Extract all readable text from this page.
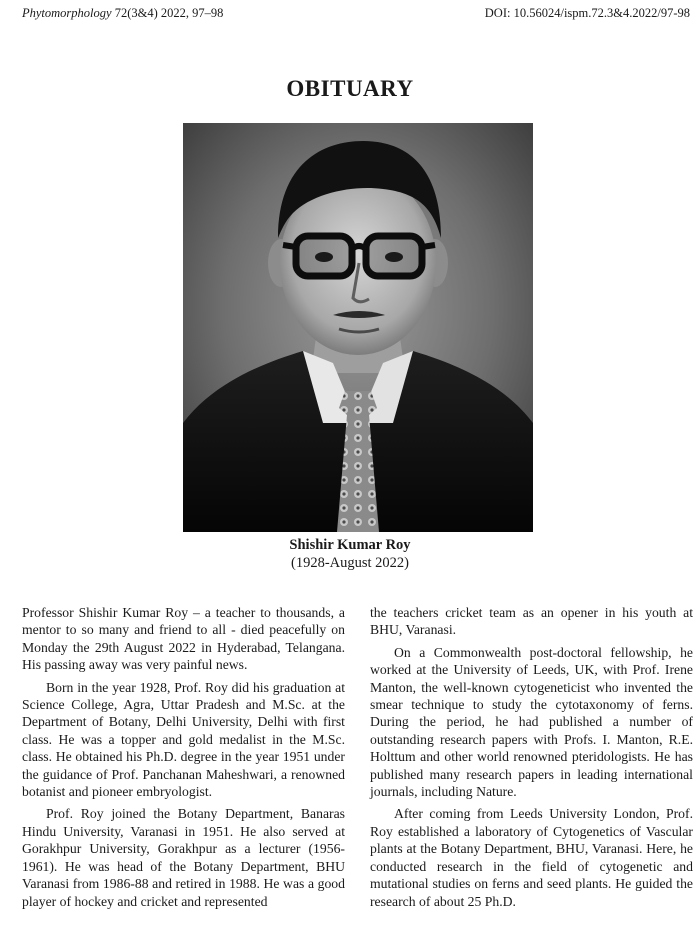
Phytomorphology 72(3&4) 2022, 97–98	DOI: 10.56024/ispm.72.3&4.2022/97-98
OBITUARY
Shishir Kumar Roy
(1928-August 2022)

Professor Shishir Kumar Roy – a teacher to thousands, a mentor to so many and friend to all - died peacefully on Monday the 29th August 2022 in Hyderabad, Telangana. His passing away was very painful news.

Born in the year 1928, Prof. Roy did his graduation at Science College, Agra, Uttar Pradesh and M.Sc. at the Department of Botany, Delhi University, Delhi with first class. He was a topper and gold medalist in the M.Sc. class. He obtained his Ph.D. degree in the year 1951 under the guidance of Prof. Panchanan Maheshwari, a renowned botanist and pioneer embryologist.

Prof. Roy joined the Botany Department, Banaras Hindu University, Varanasi in 1951. He also served at Gorakhpur University, Gorakhpur as a lecturer (1956-1961). He was head of the Botany Department, BHU Varanasi from 1986-88 and retired in 1988. He was a good player of hockey and cricket and represented

the teachers cricket team as an opener in his youth at BHU, Varanasi.

On a Commonwealth post-doctoral fellowship, he worked at the University of Leeds, UK, with Prof. Irene Manton, the well-known cytogeneticist who invented the smear technique to study the cytotaxonomy of ferns. During the period, he had published a number of outstanding research papers with Profs. I. Manton, R.E. Holttum and other world renowned pteridologists. He has published many research papers in leading international journals, including Nature.

After coming from Leeds University London, Prof. Roy established a laboratory of Cytogenetics of Vascular plants at the Botany Department, BHU, Varanasi. Here, he conducted research in the field of cytogenetic and mutational studies on ferns and seed plants. He guided the research of about 25 Ph.D.
